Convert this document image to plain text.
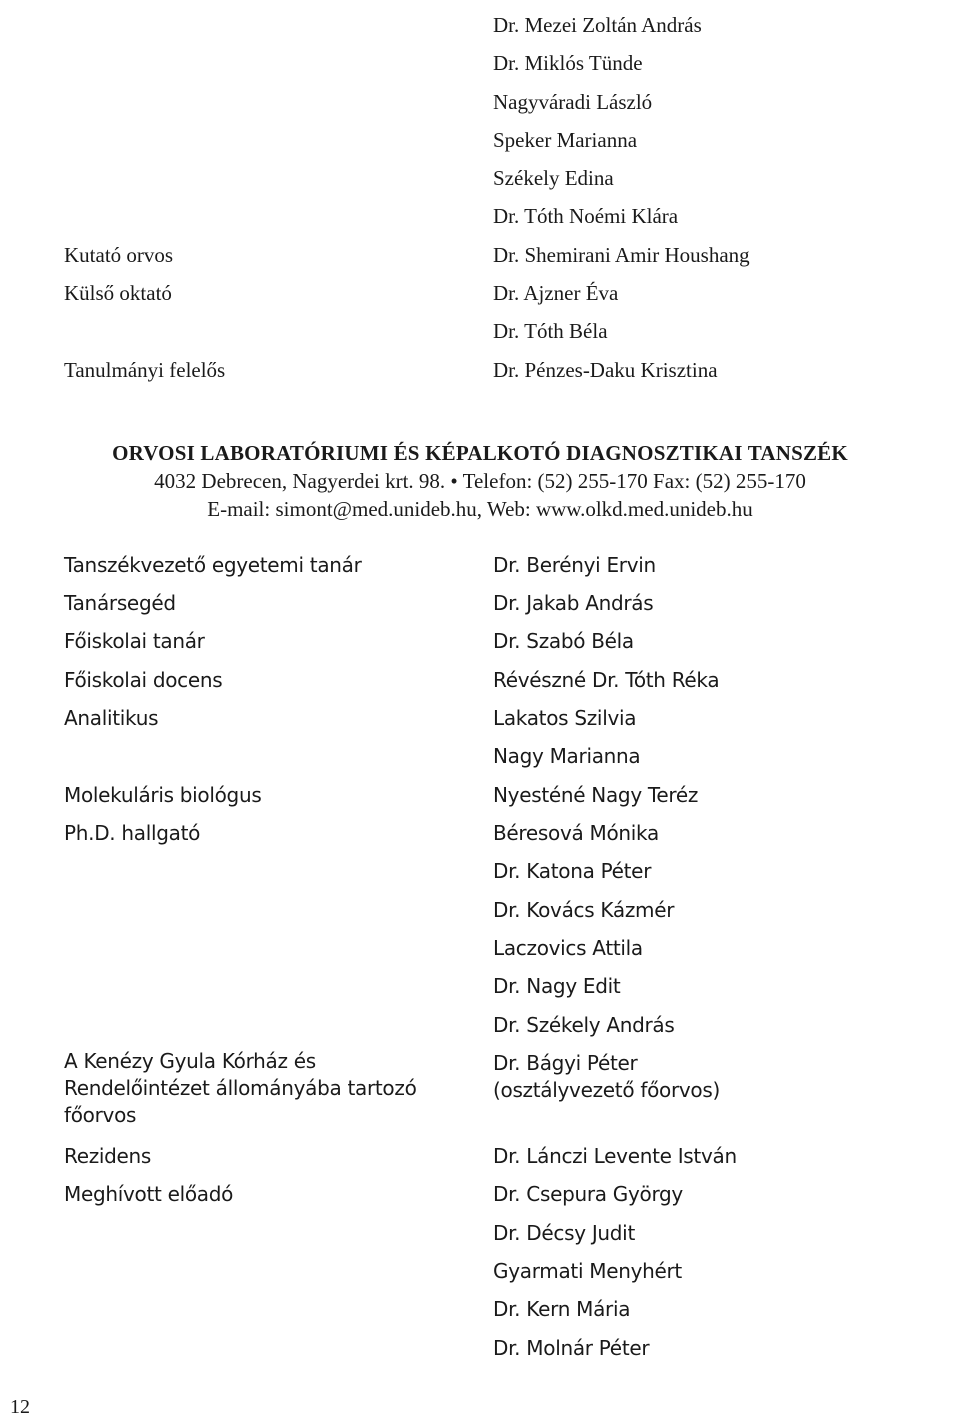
Dr. Mezei Zoltán András
Dr. Miklós Tünde
Nagyváradi László
Speker Marianna
Székely Edina
Dr. Tóth Noémi Klára
Dr. Shemirani Amir Houshang
Dr. Ajzner Éva
Dr. Tóth Béla
Dr. Pénzes-Daku Krisztina
Kutató orvos
Külső oktató
Tanulmányi felelős
ORVOSI LABORATÓRIUMI ÉS KÉPALKOTÓ DIAGNOSZTIKAI TANSZÉK
4032 Debrecen, Nagyerdei krt. 98. • Telefon: (52) 255-170 Fax: (52) 255-170
E-mail: simont@med.unideb.hu, Web: www.olkd.med.unideb.hu
Tanszékvezető egyetemi tanár
Tanársegéd
Főiskolai tanár
Főiskolai docens
Analitikus
Molekuláris biológus
Ph.D. hallgató
A Kenézy Gyula Kórház és Rendelőintézet állományába tartozó főorvos
Rezidens
Meghívott előadó
Dr. Berényi Ervin
Dr. Jakab András
Dr. Szabó Béla
Révészné Dr. Tóth Réka
Lakatos Szilvia
Nagy Marianna
Nyesténé Nagy Teréz
Béresová Mónika
Dr. Katona Péter
Dr. Kovács Kázmér
Laczovics Attila
Dr. Nagy Edit
Dr. Székely András
Dr. Bágyi Péter
(osztályvezető főorvos)
Dr. Lánczi Levente István
Dr. Csepura György
Dr. Décsy Judit
Gyarmati Menyhért
Dr. Kern Mária
Dr. Molnár Péter
12
